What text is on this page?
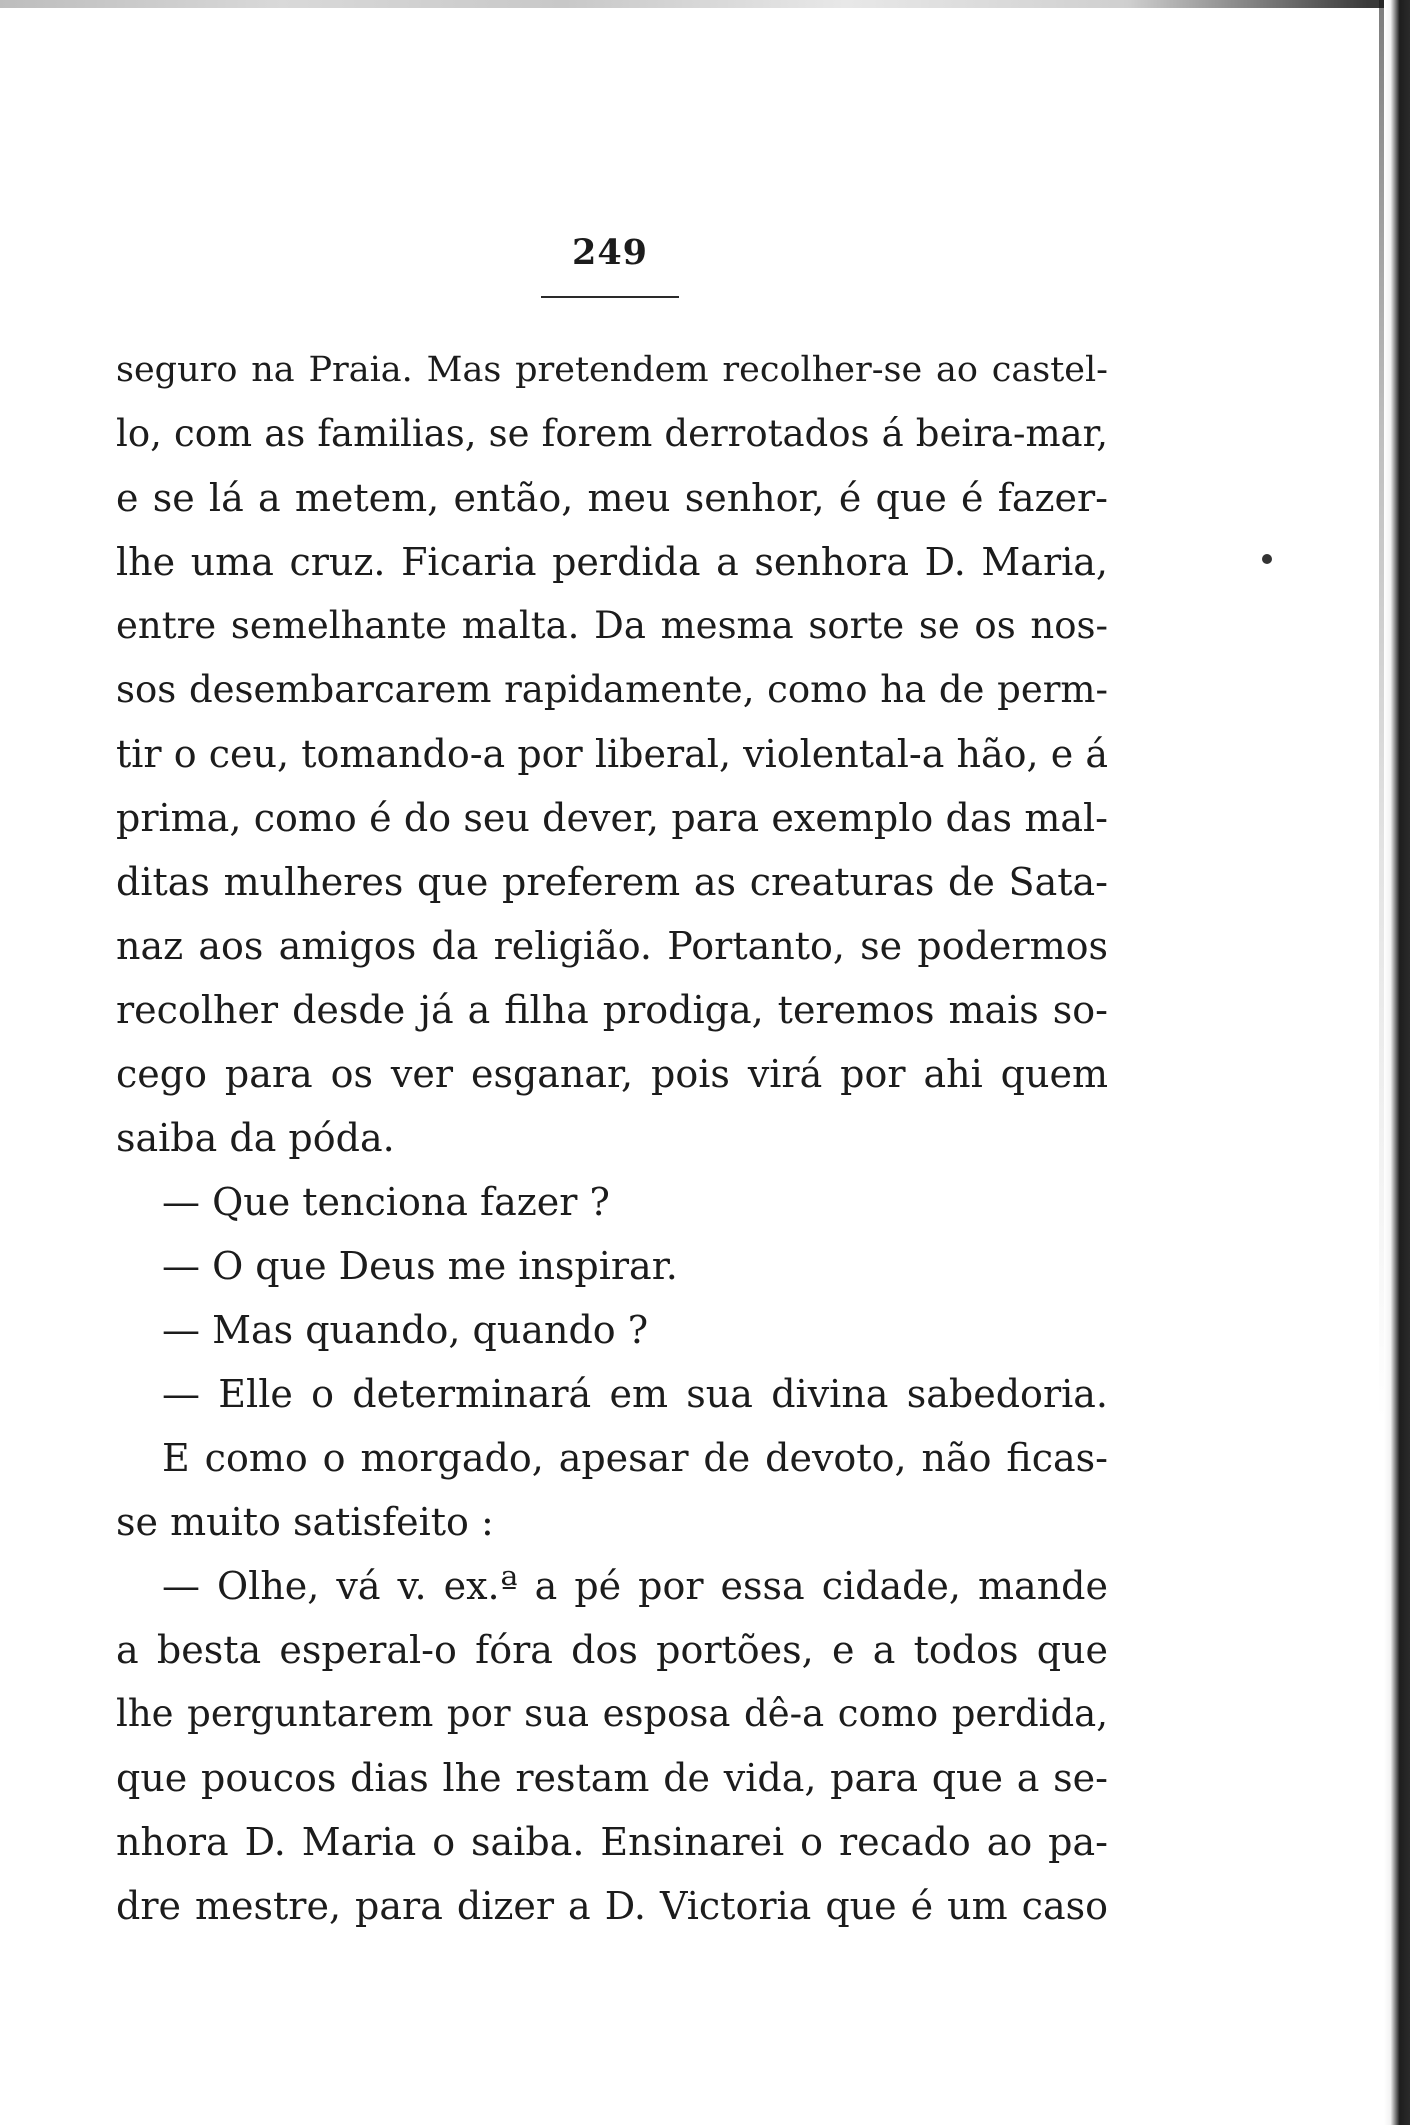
249
seguro na Praia. Mas pretendem recolher-se ao castel-
lo, com as familias, se forem derrotados á beira-mar,
e se lá a metem, então, meu senhor, é que é fazer-
lhe uma cruz. Ficaria perdida a senhora D. Maria,
entre semelhante malta. Da mesma sorte se os nos-
sos desembarcarem rapidamente, como ha de perm-
tir o ceu, tomando-a por liberal, violental-a hão, e á
prima, como é do seu dever, para exemplo das mal-
ditas mulheres que preferem as creaturas de Sata-
naz aos amigos da religião. Portanto, se podermos
recolher desde já a filha prodiga, teremos mais so-
cego para os ver esganar, pois virá por ahi quem
saiba da póda.
— Que tenciona fazer ?
— O que Deus me inspirar.
— Mas quando, quando ?
— Elle o determinará em sua divina sabedoria.
E como o morgado, apesar de devoto, não ficas-
se muito satisfeito :
— Olhe, vá v. ex.ª a pé por essa cidade, mande
a besta esperal-o fóra dos portões, e a todos que
lhe perguntarem por sua esposa dê-a como perdida,
que poucos dias lhe restam de vida, para que a se-
nhora D. Maria o saiba. Ensinarei o recado ao pa-
dre mestre, para dizer a D. Victoria que é um caso
